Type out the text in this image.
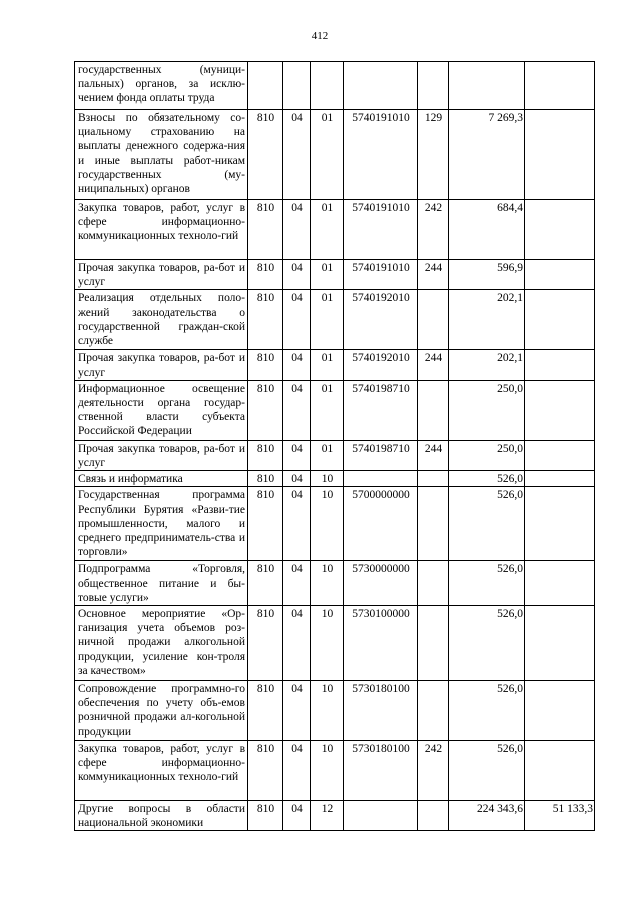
412
государственных (муници-пальных) органов, за исклю-чением фонда оплаты труда							
Взносы по обязательному со-циальному страхованию на выплаты денежного содержа-ния и иные выплаты работ-никам государственных (му-ниципальных) органов	810	04	01	5740191010	129	7 269,3	
Закупка товаров, работ, услуг в сфере информационно-коммуникационных техноло-гий	810	04	01	5740191010	242	684,4	
Прочая закупка товаров, ра-бот и услуг	810	04	01	5740191010	244	596,9	
Реализация отдельных поло-жений законодательства о государственной граждан-ской службе	810	04	01	5740192010		202,1	
Прочая закупка товаров, ра-бот и услуг	810	04	01	5740192010	244	202,1	
Информационное освещение деятельности органа государ-ственной власти субъекта Российской Федерации	810	04	01	5740198710		250,0	
Прочая закупка товаров, ра-бот и услуг	810	04	01	5740198710	244	250,0	
Связь и информатика	810	04	10			526,0	
Государственная программа Республики Бурятия «Разви-тие промышленности, малого и среднего предприниматель-ства и торговли»	810	04	10	5700000000		526,0	
Подпрограмма «Торговля, общественное питание и бы-товые услуги»	810	04	10	5730000000		526,0	
Основное мероприятие «Ор-ганизация учета объемов роз-ничной продажи алкогольной продукции, усиление кон-троля за качеством»	810	04	10	5730100000		526,0	
Сопровождение программно-го обеспечения по учету объ-емов розничной продажи ал-когольной продукции	810	04	10	5730180100		526,0	
Закупка товаров, работ, услуг в сфере информационно-коммуникационных техноло-гий	810	04	10	5730180100	242	526,0	
Другие вопросы в области национальной экономики	810	04	12			224 343,6	51 133,3
